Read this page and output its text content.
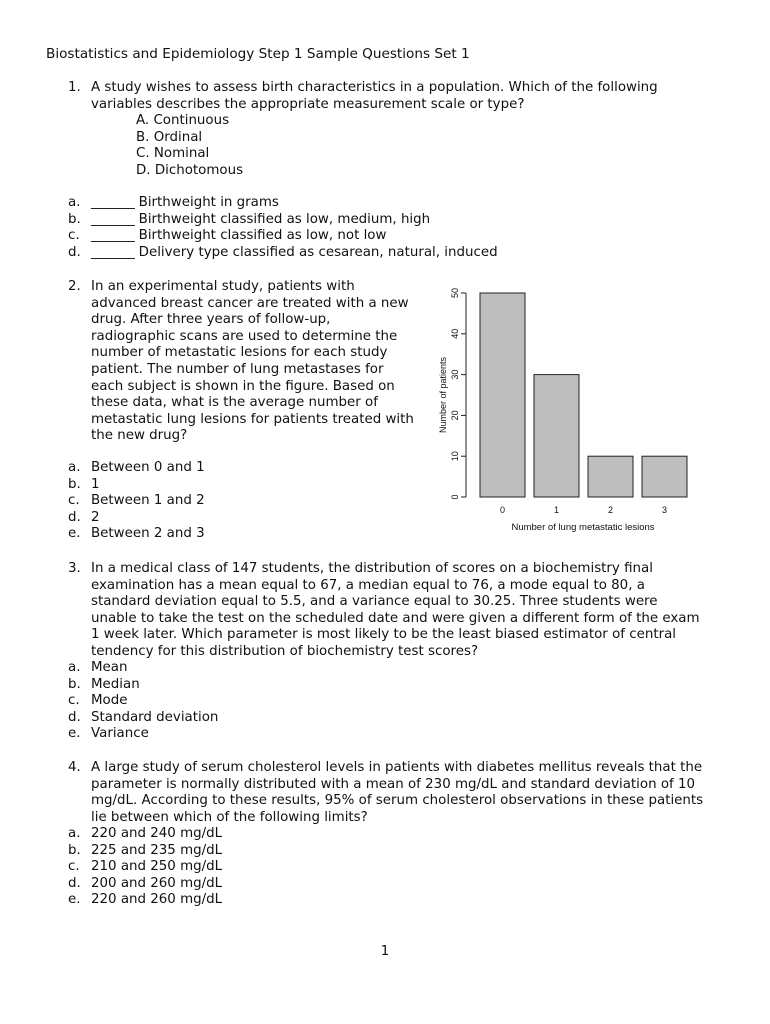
Biostatistics and Epidemiology Step 1 Sample Questions Set 1
1. A study wishes to assess birth characteristics in a population. Which of the following
variables describes the appropriate measurement scale or type?
A. Continuous
B. Ordinal
C. Nominal
D. Dichotomous
a. _______ Birthweight in grams
b. _______ Birthweight classified as low, medium, high
c. _______ Birthweight classified as low, not low
d. _______ Delivery type classified as cesarean, natural, induced
2. In an experimental study, patients with
advanced breast cancer are treated with a new
drug. After three years of follow-up,
radiographic scans are used to determine the
number of metastatic lesions for each study
patient. The number of lung metastases for
each subject is shown in the figure. Based on
these data, what is the average number of
metastatic lung lesions for patients treated with
the new drug?
a. Between 0 and 1
b. 1
c. Between 1 and 2
d. 2
e. Between 2 and 3
0	1	2	3
0
10
20
30
40
50
Number of patients
Number of lung metastatic lesions
3. In a medical class of 147 students, the distribution of scores on a biochemistry final
examination has a mean equal to 67, a median equal to 76, a mode equal to 80, a
standard deviation equal to 5.5, and a variance equal to 30.25. Three students were
unable to take the test on the scheduled date and were given a different form of the exam
1 week later. Which parameter is most likely to be the least biased estimator of central
tendency for this distribution of biochemistry test scores?
a. Mean
b. Median
c. Mode
d. Standard deviation
e. Variance
4. A large study of serum cholesterol levels in patients with diabetes mellitus reveals that the
parameter is normally distributed with a mean of 230 mg/dL and standard deviation of 10
mg/dL. According to these results, 95% of serum cholesterol observations in these patients
lie between which of the following limits?
a. 220 and 240 mg/dL
b. 225 and 235 mg/dL
c. 210 and 250 mg/dL
d. 200 and 260 mg/dL
e. 220 and 260 mg/dL
1
